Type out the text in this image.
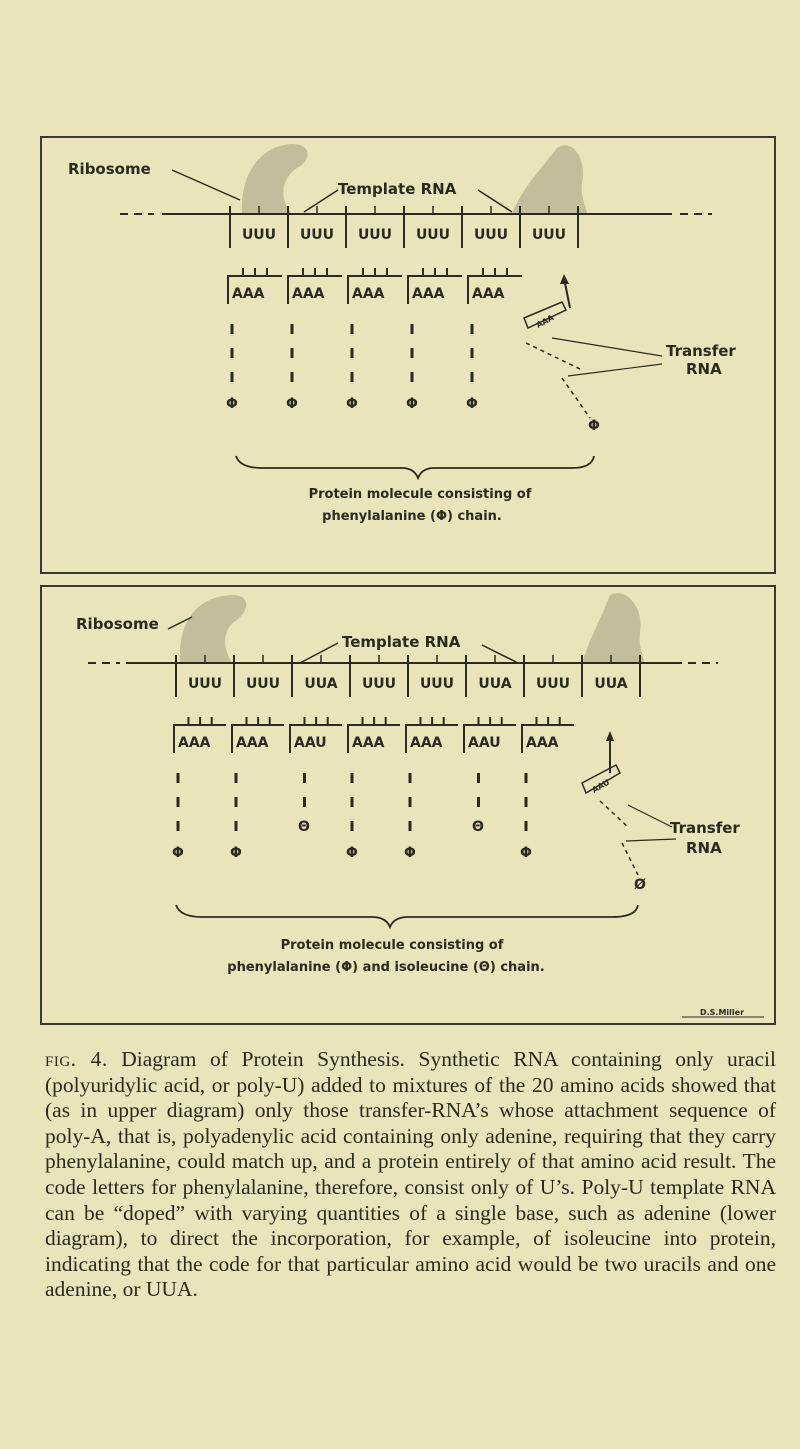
Ribosome
Template RNA
UUU UUU UUU UUU UUU UUU
AAA
Φ
AAA
Φ
AAA
Φ
AAA
Φ
AAA
Φ
AAA
Φ
Transfer
RNA
Protein molecule consisting of
phenylalanine (Φ) chain.
Ribosome
Template RNA
UUU UUU UUA UUU UUU UUA UUU UUA
AAA
Φ
AAA
Φ
AAU
Θ
AAA
Φ
AAA
Φ
AAU
Θ
AAA
Φ
AAU
Ø
Transfer
RNA
Protein molecule consisting of
phenylalanine (Φ) and isoleucine (Θ) chain.
D.S.Miller

fig. 4. Diagram of Protein Synthesis. Synthetic RNA containing only uracil (polyuridylic acid, or poly-U) added to mixtures of the 20 amino acids showed that (as in upper diagram) only those transfer-RNA’s whose attachment sequence of poly-A, that is, polyadenylic acid containing only adenine, requiring that they carry phenylalanine, could match up, and a protein entirely of that amino acid result. The code letters for phenylalanine, therefore, consist only of U’s. Poly-U template RNA can be “doped” with varying quantities of a single base, such as adenine (lower diagram), to direct the incorporation, for example, of isoleucine into protein, indicating that the code for that particular amino acid would be two uracils and one adenine, or UUA.
